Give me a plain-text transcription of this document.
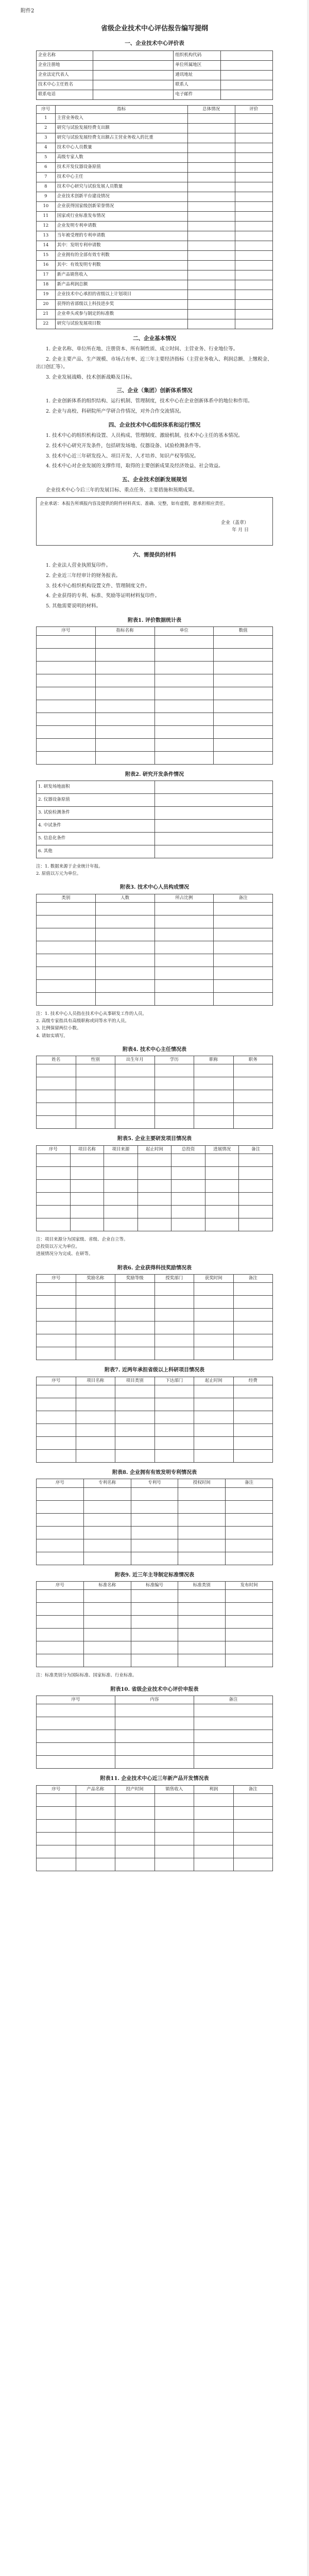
附件2
省级企业技术中心评估报告编写提纲
一、企业技术中心评价表
企业名称		组织机构代码	
企业注册地		单位所属地区	
企业法定代表人		通讯地址	
技术中心主任姓名		联系人	
联系电话		电子邮件	
序号	指标	总体情况	评价
1	主营业务收入		
2	研究与试验发展经费支出额		
3	研究与试验发展经费支出额占主营业务收入的比重		
4	技术中心人员数量		
5	高级专家人数		
6	技术开发仪器设备原值		
7	技术中心主任		
8	技术中心研究与试验发展人员数量		
9	企业技术创新平台建设情况		
10	企业获得国家级创新荣誉情况		
11	国家或行业标准发布情况		
12	企业发明专利申请数		
13	当年被受理的专利申请数		
14	其中：发明专利申请数		
15	企业拥有的全部有效专利数		
16	其中：有效发明专利数		
17	新产品销售收入		
18	新产品利润总额		
19	企业技术中心承担的省级以上计划项目		
20	获得的省部级以上科技进步奖		
21	企业牵头或参与制定的标准数		
22	研究与试验发展项目数		
二、企业基本情况

1. 企业名称、单位所在地、注册资本、所有制性质、成立时间、主营业务、行业地位等。

2. 企业主要产品、生产规模、市场占有率、近三年主要经济指标（主营业务收入、利润总额、上缴税金、出口创汇等）。

3. 企业发展战略、技术创新战略及目标。

三、企业（集团）创新体系情况

1. 企业创新体系的组织结构、运行机制、管理制度，技术中心在企业创新体系中的地位和作用。

2. 企业与高校、科研院所产学研合作情况，对外合作交流情况。

四、企业技术中心组织体系和运行情况

1. 技术中心的组织机构设置、人员构成、管理制度、激励机制，技术中心主任的基本情况。

2. 技术中心研究开发条件，包括研发场地、仪器设备、试验检测条件等。

3. 技术中心近三年研发投入、项目开发、人才培养、知识产权等情况。

4. 技术中心对企业发展的支撑作用，取得的主要创新成果及经济效益、社会效益。

五、企业技术创新发展规划

企业技术中心今后三年的发展目标、重点任务、主要措施和预期成果。

企业承诺：本报告所填报内容及提供的附件材料真实、准确、完整，如有虚假，愿承担相应责任。
企业（盖章）
年 月 日
六、需提供的材料

1. 企业法人营业执照复印件。

2. 企业近三年经审计的财务报表。

3. 技术中心组织机构设置文件、管理制度文件。

4. 企业获得的专利、标准、奖励等证明材料复印件。

5. 其他需要说明的材料。

附表1. 评价数据统计表
序号	指标名称	单位	数值

附表2. 研究开发条件情况
1. 研发场地面积	
2. 仪器设备原值	
3. 试验检测条件	
4. 中试条件	
5. 信息化条件	
6. 其他	
注：1. 数据来源于企业统计年报。
2. 原值以万元为单位。
附表3. 技术中心人员构成情况
类别	人数	所占比例	备注

注：1. 技术中心人员指在技术中心从事研发工作的人员。
2. 高级专家指具有高级职称或同等水平的人员。
3. 比例保留两位小数。
4. 请如实填写。
附表4. 技术中心主任情况表
姓名	性别	出生年月	学历	职称	职务

附表5. 企业主要研发项目情况表
序号	项目名称	项目来源	起止时间	总投资	进展情况	备注

注：项目来源分为国家级、省级、企业自立等。
总投资以万元为单位。
进展情况分为完成、在研等。
附表6. 企业获得科技奖励情况表
序号	奖励名称	奖励等级	授奖部门	获奖时间	备注

附表7. 近两年承担省级以上科研项目情况表
序号	项目名称	项目类别	下达部门	起止时间	经费

附表8. 企业拥有有效发明专利情况表
序号	专利名称	专利号	授权时间	备注

附表9. 近三年主导制定标准情况表
序号	标准名称	标准编号	标准类别	发布时间

注：标准类别分为国际标准、国家标准、行业标准。
附表10. 省级企业技术中心评价申报表
序号	内容	备注

附表11. 企业技术中心近三年新产品开发情况表
序号	产品名称	投产时间	销售收入	利润	备注
